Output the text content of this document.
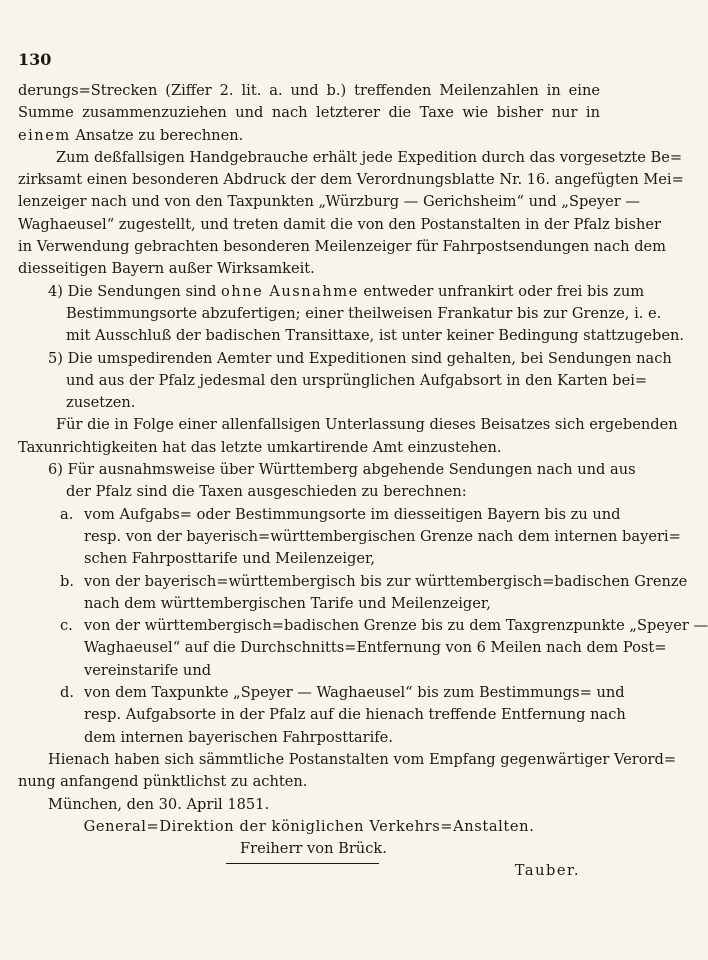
130
derungs=Strecken (Ziffer 2. lit. a. und b.) treffenden Meilenzahlen in eine
Summe zusammenzuziehen und nach letzterer die Taxe wie bisher nur in
einem Ansatze zu berechnen.
Zum deßfallsigen Handgebrauche erhält jede Expedition durch das vorgesetzte Be=
zirksamt einen besonderen Abdruck der dem Verordnungsblatte Nr. 16. angefügten Mei=
lenzeiger nach und von den Taxpunkten „Würzburg — Gerichsheim“ und „Speyer —
Waghaeusel“ zugestellt, und treten damit die von den Postanstalten in der Pfalz bisher
in Verwendung gebrachten besonderen Meilenzeiger für Fahrpostsendungen nach dem
diesseitigen Bayern außer Wirksamkeit.
4) Die Sendungen sind ohne Ausnahme entweder unfrankirt oder frei bis zum
Bestimmungsorte abzufertigen; einer theilweisen Frankatur bis zur Grenze, i. e.
mit Ausschluß der badischen Transittaxe, ist unter keiner Bedingung stattzugeben.
5) Die umspedirenden Aemter und Expeditionen sind gehalten, bei Sendungen nach
und aus der Pfalz jedesmal den ursprünglichen Aufgabsort in den Karten bei=
zusetzen.
Für die in Folge einer allenfallsigen Unterlassung dieses Beisatzes sich ergebenden
Taxunrichtigkeiten hat das letzte umkartirende Amt einzustehen.
6) Für ausnahmsweise über Württemberg abgehende Sendungen nach und aus
der Pfalz sind die Taxen ausgeschieden zu berechnen:
a. vom Aufgabs= oder Bestimmungsorte im diesseitigen Bayern bis zu und
resp. von der bayerisch=württembergischen Grenze nach dem internen bayeri=
schen Fahrposttarife und Meilenzeiger,
b. von der bayerisch=württembergisch bis zur württembergisch=badischen Grenze
nach dem württembergischen Tarife und Meilenzeiger,
c. von der württembergisch=badischen Grenze bis zu dem Taxgrenzpunkte „Speyer —
Waghaeusel“ auf die Durchschnitts=Entfernung von 6 Meilen nach dem Post=
vereinstarife und
d. von dem Taxpunkte „Speyer — Waghaeusel“ bis zum Bestimmungs= und
resp. Aufgabsorte in der Pfalz auf die hienach treffende Entfernung nach
dem internen bayerischen Fahrposttarife.
Hienach haben sich sämmtliche Postanstalten vom Empfang gegenwärtiger Verord=
nung anfangend pünktlichst zu achten.
München, den 30. April 1851.
General=Direktion der königlichen Verkehrs=Anstalten.
Freiherr von Brück.
Tauber.
